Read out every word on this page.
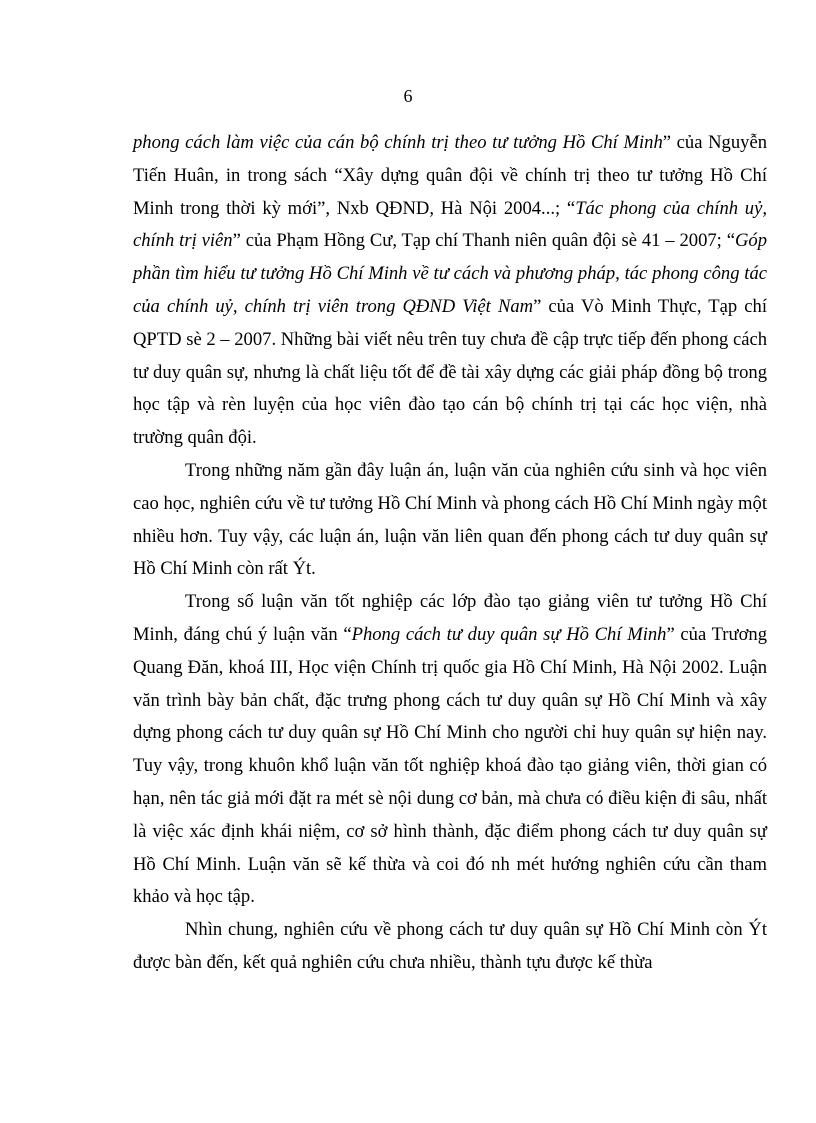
6

phong cách làm việc của cán bộ chính trị theo tư tưởng Hồ Chí Minh” của Nguyễn Tiến Huân, in trong sách “Xây dựng quân đội về chính trị theo tư tưởng Hồ Chí Minh trong thời kỳ mới”, Nxb QĐND, Hà Nội 2004...; “Tác phong của chính uỷ, chính trị viên” của Phạm Hồng Cư, Tạp chí Thanh niên quân đội sè 41 – 2007; “Góp phần tìm hiểu tư tưởng Hồ Chí Minh về tư cách và phương pháp, tác phong công tác của chính uỷ, chính trị viên trong QĐND Việt Nam” của Vò Minh Thực, Tạp chí QPTD sè 2 – 2007. Những bài viết nêu trên tuy chưa đề cập trực tiếp đến phong cách tư duy quân sự, nhưng là chất liệu tốt để đề tài xây dựng các giải pháp đồng bộ trong học tập và rèn luyện của học viên đào tạo cán bộ chính trị tại các học viện, nhà trường quân đội.

Trong những năm gần đây luận án, luận văn của nghiên cứu sinh và học viên cao học, nghiên cứu về tư tưởng Hồ Chí Minh và phong cách Hồ Chí Minh ngày một nhiều hơn. Tuy vậy, các luận án, luận văn liên quan đến phong cách tư duy quân sự Hồ Chí Minh còn rất Ýt.

Trong số luận văn tốt nghiệp các lớp đào tạo giảng viên tư tưởng Hồ Chí Minh, đáng chú ý luận văn “Phong cách tư duy quân sự Hồ Chí Minh” của Trương Quang Đăn, khoá III, Học viện Chính trị quốc gia Hồ Chí Minh, Hà Nội 2002. Luận văn trình bày bản chất, đặc trưng phong cách tư duy quân sự Hồ Chí Minh và xây dựng phong cách tư duy quân sự Hồ Chí Minh cho người chỉ huy quân sự hiện nay. Tuy vậy, trong khuôn khổ luận văn tốt nghiệp khoá đào tạo giảng viên, thời gian có hạn, nên tác giả mới đặt ra mét sè nội dung cơ bản, mà chưa có điều kiện đi sâu, nhất là việc xác định khái niệm, cơ sở hình thành, đặc điểm phong cách tư duy quân sự Hồ Chí Minh. Luận văn sẽ kế thừa và coi đó nh mét hướng nghiên cứu cần tham khảo và học tập.

Nhìn chung, nghiên cứu về phong cách tư duy quân sự Hồ Chí Minh còn Ýt được bàn đến, kết quả nghiên cứu chưa nhiều, thành tựu được kế thừa
